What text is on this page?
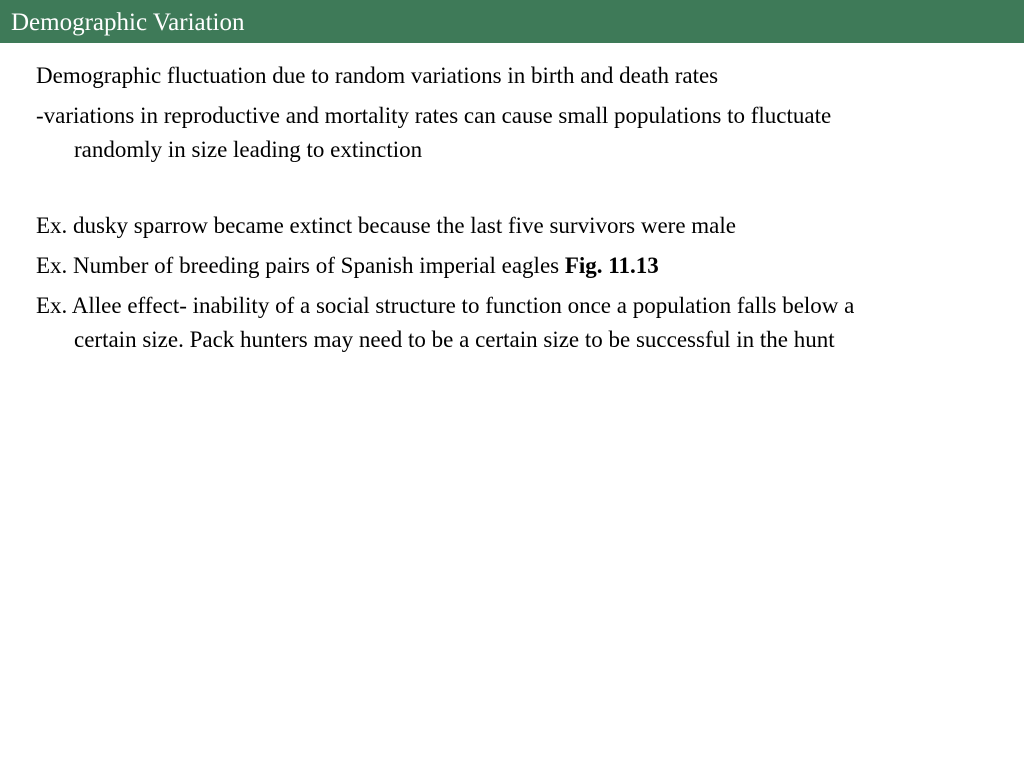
Demographic Variation

Demographic fluctuation due to random variations in birth and death rates

-variations in reproductive and mortality rates can cause small populations to fluctuate randomly in size leading to extinction

Ex. dusky sparrow became extinct because the last five survivors were male

Ex. Number of breeding pairs of Spanish imperial eagles Fig. 11.13

Ex. Allee effect- inability of a social structure to function once a population falls below a certain size. Pack hunters may need to be a certain size to be successful in the hunt
